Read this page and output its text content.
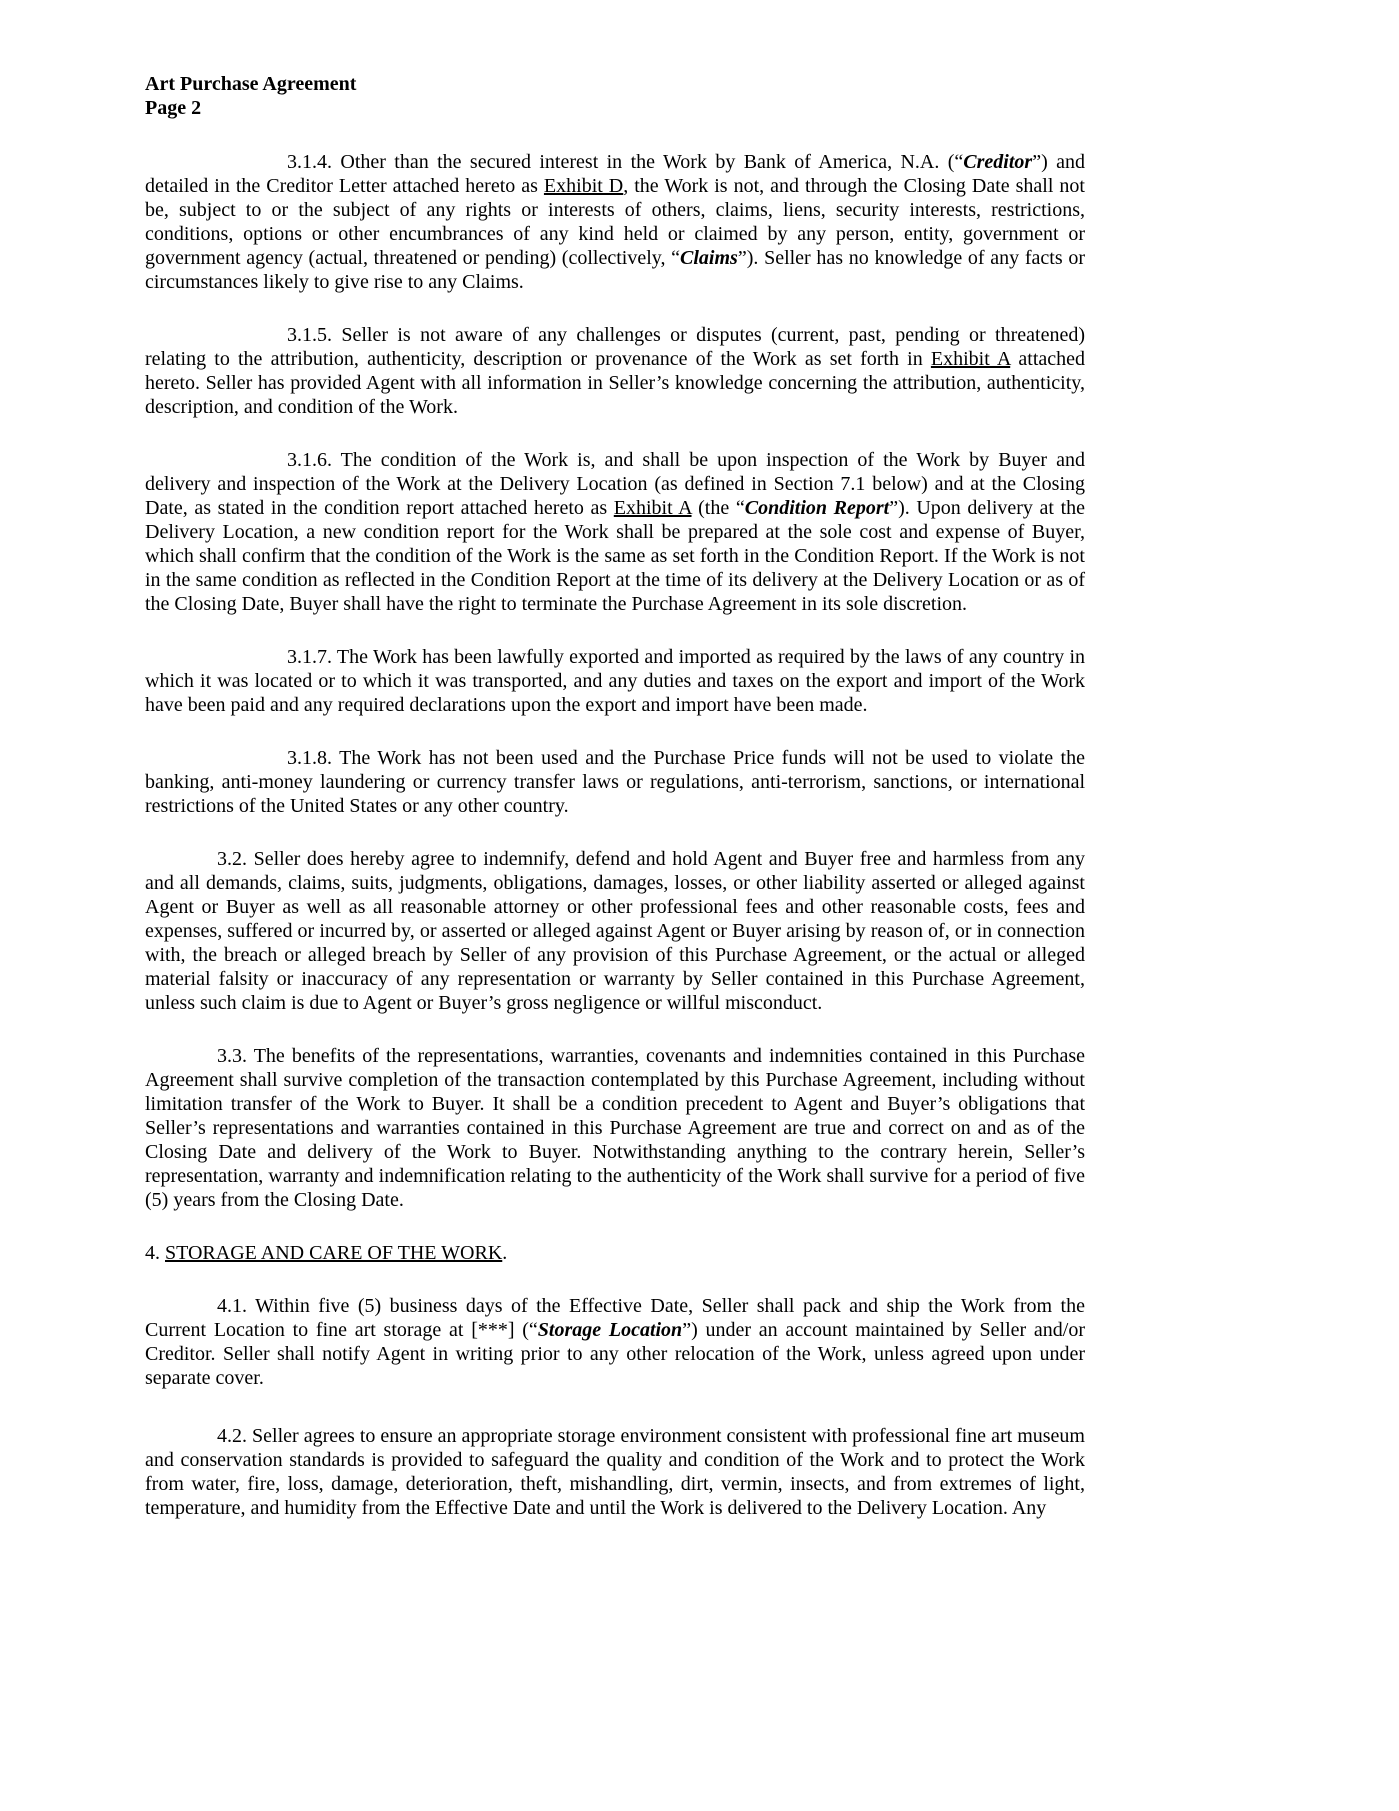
Art Purchase Agreement
Page 2

3.1.4. Other than the secured interest in the Work by Bank of America, N.A. (“Creditor”) and detailed in the Creditor Letter attached hereto as Exhibit D, the Work is not, and through the Closing Date shall not be, subject to or the subject of any rights or interests of others, claims, liens, security interests, restrictions, conditions, options or other encumbrances of any kind held or claimed by any person, entity, government or government agency (actual, threatened or pending) (collectively, “Claims”). Seller has no knowledge of any facts or circumstances likely to give rise to any Claims.

3.1.5. Seller is not aware of any challenges or disputes (current, past, pending or threatened) relating to the attribution, authenticity, description or provenance of the Work as set forth in Exhibit A attached hereto. Seller has provided Agent with all information in Seller’s knowledge concerning the attribution, authenticity, description, and condition of the Work.

3.1.6. The condition of the Work is, and shall be upon inspection of the Work by Buyer and delivery and inspection of the Work at the Delivery Location (as defined in Section 7.1 below) and at the Closing Date, as stated in the condition report attached hereto as Exhibit A (the “Condition Report”). Upon delivery at the Delivery Location, a new condition report for the Work shall be prepared at the sole cost and expense of Buyer, which shall confirm that the condition of the Work is the same as set forth in the Condition Report. If the Work is not in the same condition as reflected in the Condition Report at the time of its delivery at the Delivery Location or as of the Closing Date, Buyer shall have the right to terminate the Purchase Agreement in its sole discretion.

3.1.7. The Work has been lawfully exported and imported as required by the laws of any country in which it was located or to which it was transported, and any duties and taxes on the export and import of the Work have been paid and any required declarations upon the export and import have been made.

3.1.8. The Work has not been used and the Purchase Price funds will not be used to violate the banking, anti-money laundering or currency transfer laws or regulations, anti-terrorism, sanctions, or international restrictions of the United States or any other country.

3.2. Seller does hereby agree to indemnify, defend and hold Agent and Buyer free and harmless from any and all demands, claims, suits, judgments, obligations, damages, losses, or other liability asserted or alleged against Agent or Buyer as well as all reasonable attorney or other professional fees and other reasonable costs, fees and expenses, suffered or incurred by, or asserted or alleged against Agent or Buyer arising by reason of, or in connection with, the breach or alleged breach by Seller of any provision of this Purchase Agreement, or the actual or alleged material falsity or inaccuracy of any representation or warranty by Seller contained in this Purchase Agreement, unless such claim is due to Agent or Buyer’s gross negligence or willful misconduct.

3.3. The benefits of the representations, warranties, covenants and indemnities contained in this Purchase Agreement shall survive completion of the transaction contemplated by this Purchase Agreement, including without limitation transfer of the Work to Buyer. It shall be a condition precedent to Agent and Buyer’s obligations that Seller’s representations and warranties contained in this Purchase Agreement are true and correct on and as of the Closing Date and delivery of the Work to Buyer. Notwithstanding anything to the contrary herein, Seller’s representation, warranty and indemnification relating to the authenticity of the Work shall survive for a period of five (5) years from the Closing Date.

4. STORAGE AND CARE OF THE WORK.

4.1. Within five (5) business days of the Effective Date, Seller shall pack and ship the Work from the Current Location to fine art storage at [***] (“Storage Location”) under an account maintained by Seller and/or Creditor. Seller shall notify Agent in writing prior to any other relocation of the Work, unless agreed upon under separate cover.

4.2. Seller agrees to ensure an appropriate storage environment consistent with professional fine art museum and conservation standards is provided to safeguard the quality and condition of the Work and to protect the Work from water, fire, loss, damage, deterioration, theft, mishandling, dirt, vermin, insects, and from extremes of light, temperature, and humidity from the Effective Date and until the Work is delivered to the Delivery Location. Any
